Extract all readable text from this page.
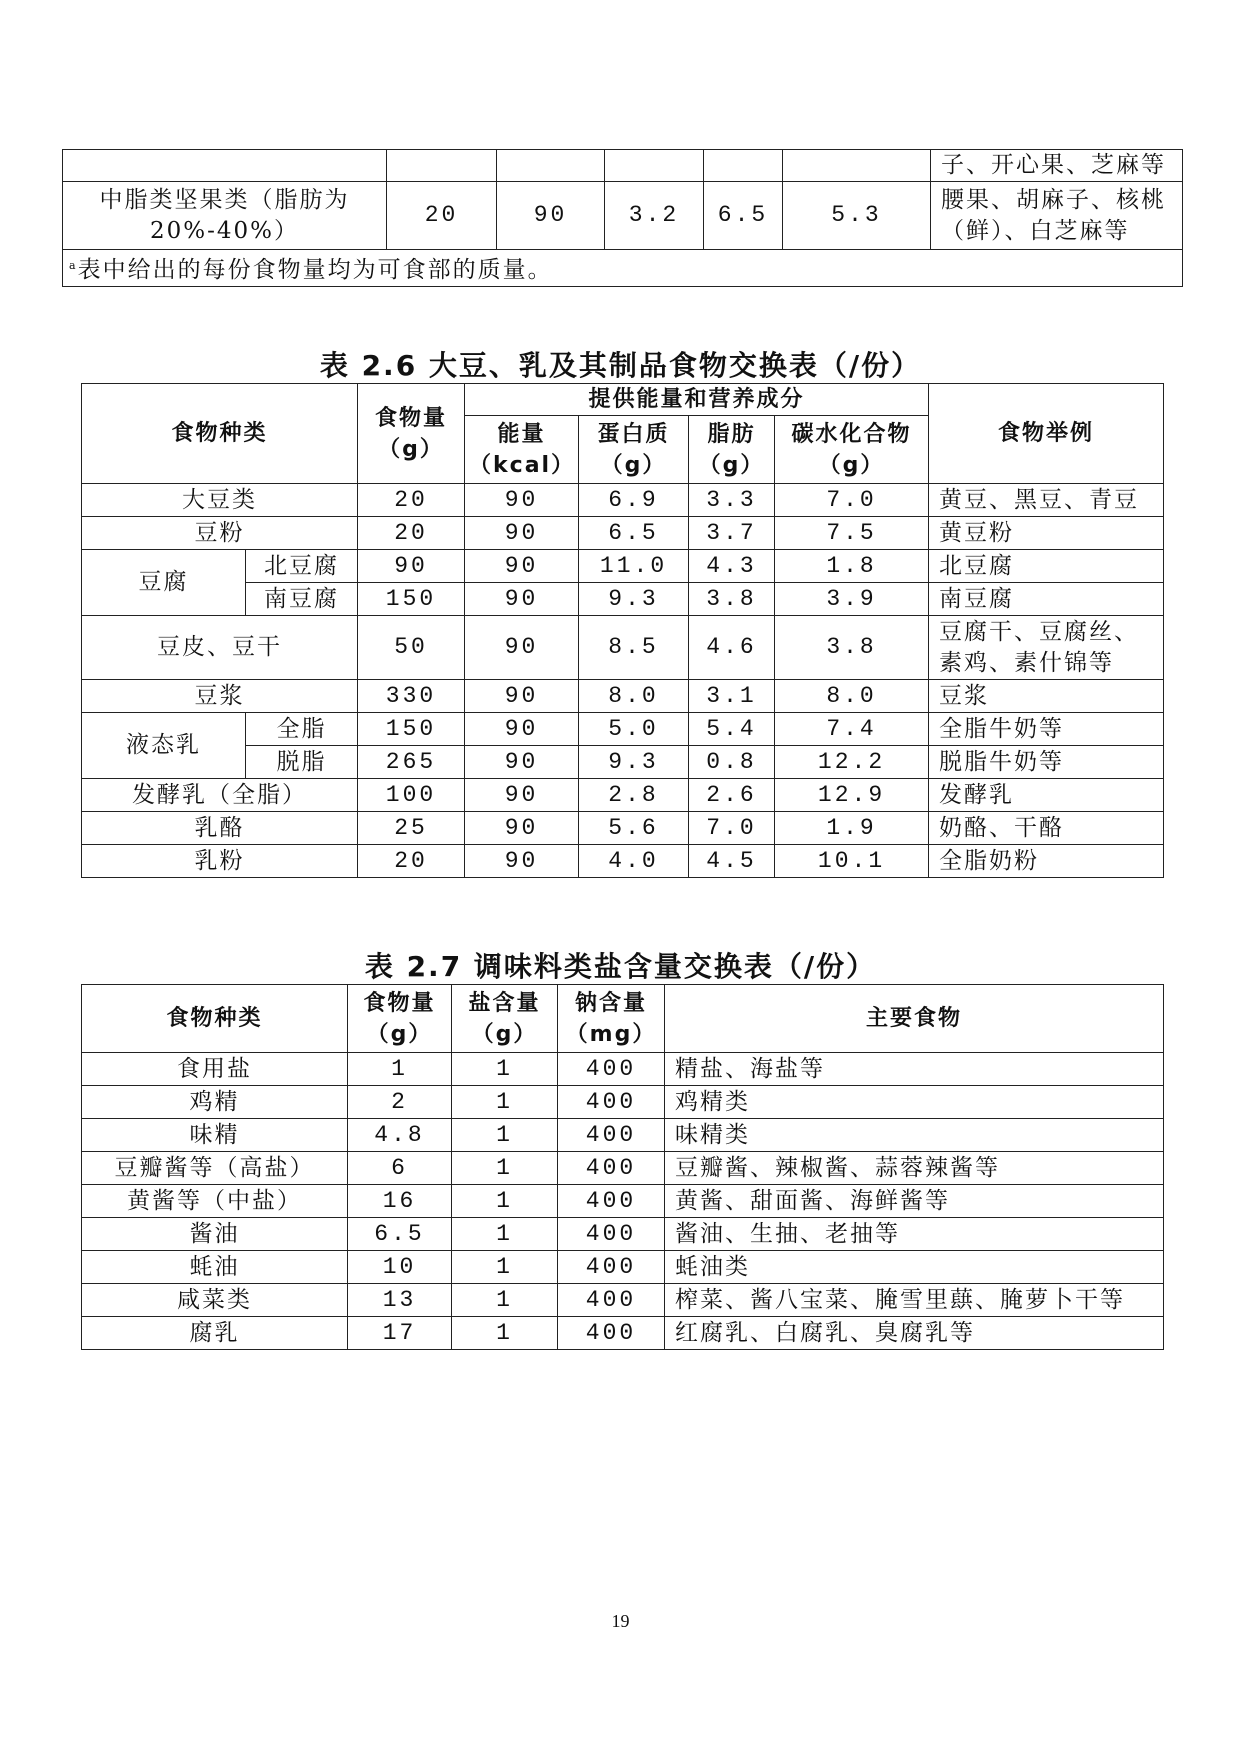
						子、开心果、芝麻等
中脂类坚果类（脂肪为20%-40%）	20	90	3.2	6.5	5.3	腰果、胡麻子、核桃（鲜）、白芝麻等
$^a$表中给出的每份食物量均为可食部的质量。						
表 2.6 大豆、乳及其制品食物交换表（/份）
食物种类		食物量（g）	提供能量和营养成分				食物举例
			能量（kcal）	蛋白质（g）	脂肪（g）	碳水化合物（g）	
大豆类		20	90	6.9	3.3	7.0	黄豆、黑豆、青豆
豆粉		20	90	6.5	3.7	7.5	黄豆粉
豆腐	北豆腐	90	90	11.0	4.3	1.8	北豆腐
	南豆腐	150	90	9.3	3.8	3.9	南豆腐
豆皮、豆干		50	90	8.5	4.6	3.8	豆腐干、豆腐丝、素鸡、素什锦等
豆浆		330	90	8.0	3.1	8.0	豆浆
液态乳	全脂	150	90	5.0	5.4	7.4	全脂牛奶等
	脱脂	265	90	9.3	0.8	12.2	脱脂牛奶等
发酵乳（全脂）		100	90	2.8	2.6	12.9	发酵乳
乳酪		25	90	5.6	7.0	1.9	奶酪、干酪
乳粉		20	90	4.0	4.5	10.1	全脂奶粉
表 2.7 调味料类盐含量交换表（/份）
食物种类	食物量（g）	盐含量（g）	钠含量（mg）	主要食物
食用盐	1	1	400	精盐、海盐等
鸡精	2	1	400	鸡精类
味精	4.8	1	400	味精类
豆瓣酱等（高盐）	6	1	400	豆瓣酱、辣椒酱、蒜蓉辣酱等
黄酱等（中盐）	16	1	400	黄酱、甜面酱、海鲜酱等
酱油	6.5	1	400	酱油、生抽、老抽等
蚝油	10	1	400	蚝油类
咸菜类	13	1	400	榨菜、酱八宝菜、腌雪里蕻、腌萝卜干等
腐乳	17	1	400	红腐乳、白腐乳、臭腐乳等
19
